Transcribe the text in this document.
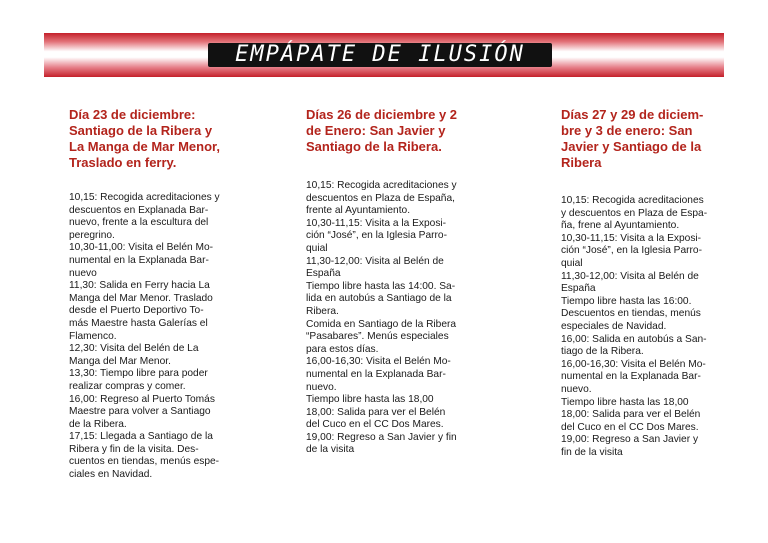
EMPÁPATE DE ILUSIÓN
Día 23 de diciembre:
Santiago de la Ribera y
La Manga de Mar Menor,
Traslado en ferry.
10,15: Recogida acreditaciones y
descuentos en Explanada Bar-
nuevo, frente a la escultura del
peregrino.
10,30-11,00: Visita el Belén Mo-
numental en la Explanada Bar-
nuevo
11,30: Salida en Ferry hacia La
Manga del Mar Menor. Traslado
desde el Puerto Deportivo To-
más Maestre hasta Galerías el
Flamenco.
12,30: Visita del Belén de La
Manga del Mar Menor.
13,30: Tiempo libre para poder
realizar compras y comer.
16,00: Regreso al Puerto Tomás
Maestre para volver a Santiago
de la Ribera.
17,15: Llegada a Santiago de la
Ribera y fin de la visita. Des-
cuentos en tiendas, menús espe-
ciales en Navidad.
Días 26 de diciembre y 2
de Enero: San Javier y
Santiago de la Ribera.
10,15: Recogida acreditaciones y
descuentos en Plaza de España,
frente al Ayuntamiento.
10,30-11,15: Visita a la Exposi-
ción “José”, en la Iglesia Parro-
quial
11,30-12,00: Visita al Belén de
España
Tiempo libre hasta las 14:00. Sa-
lida en autobús a Santiago de la
Ribera.
Comida en Santiago de la Ribera
“Pasabares”. Menús especiales
para estos días.
16,00-16,30: Visita el Belén Mo-
numental en la Explanada Bar-
nuevo.
Tiempo libre hasta las 18,00
18,00: Salida para ver el Belén
del Cuco en el CC Dos Mares.
19,00: Regreso a San Javier y fin
de la visita
Días 27 y 29 de diciem-
bre y 3 de enero: San
Javier y Santiago de la
Ribera
10,15: Recogida acreditaciones
y descuentos en Plaza de Espa-
ña, frene al Ayuntamiento.
10,30-11,15: Visita a la Exposi-
ción “José”, en la Iglesia Parro-
quial
11,30-12,00: Visita al Belén de
España
Tiempo libre hasta las 16:00.
Descuentos en tiendas, menús
especiales de Navidad.
16,00: Salida en autobús a San-
tiago de la Ribera.
16,00-16,30: Visita el Belén Mo-
numental en la Explanada Bar-
nuevo.
Tiempo libre hasta las 18,00
18,00: Salida para ver el Belén
del Cuco en el CC Dos Mares.
19,00: Regreso a San Javier y
fin de la visita
